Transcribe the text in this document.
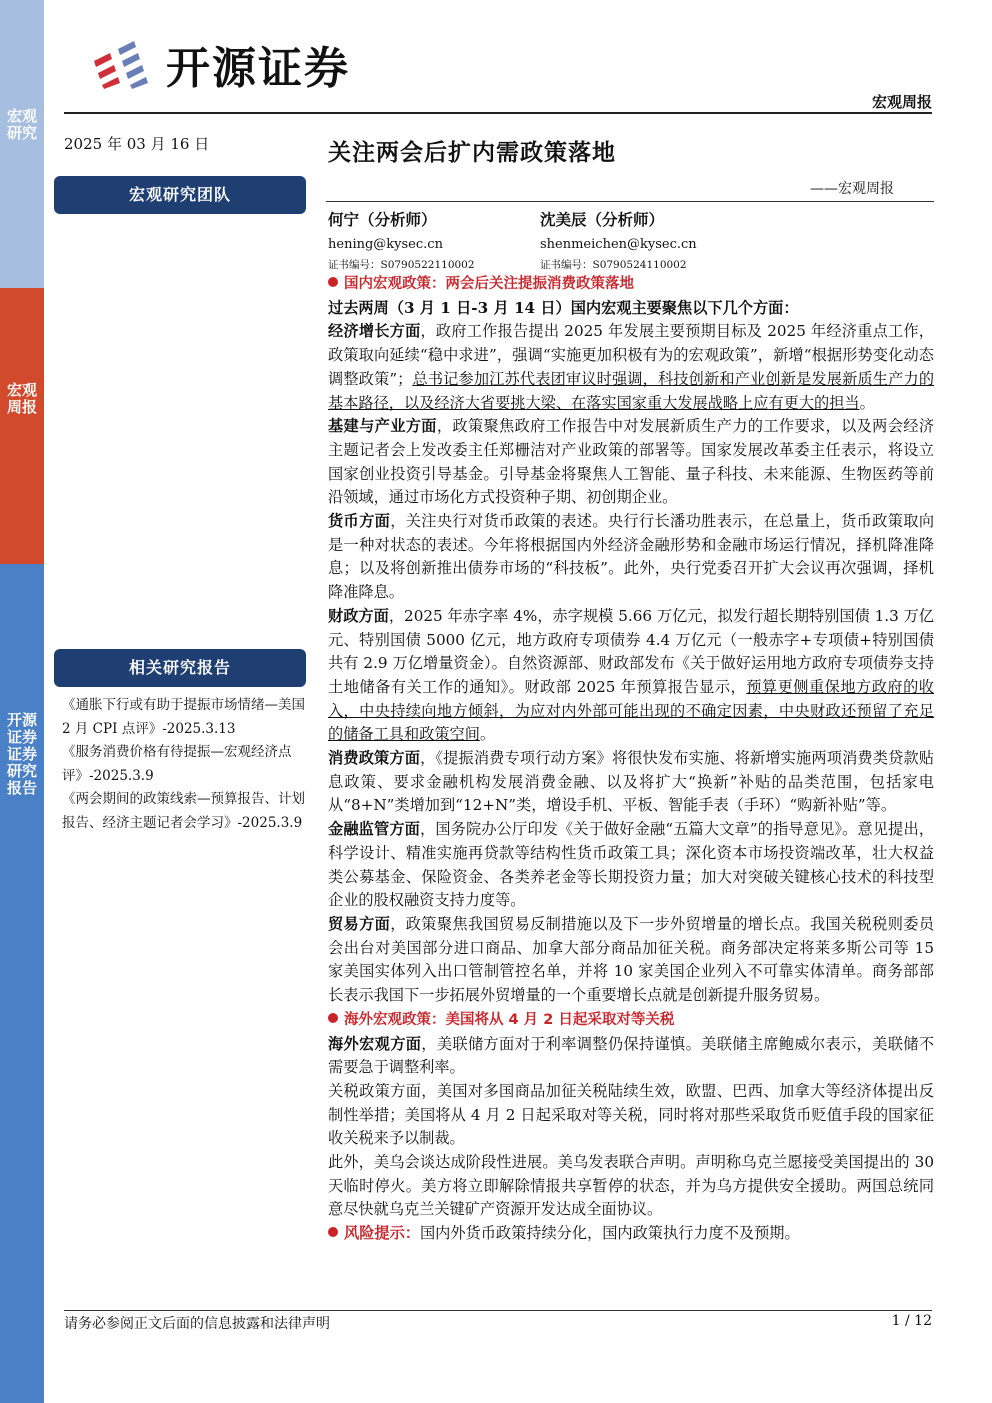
宏观研究
宏观周报
开源证券证券研究报告
开源证券
宏观周报
2025 年 03 月 16 日
宏观研究团队
相关研究报告
《通胀下行或有助于提振市场情绪—美国 2 月 CPI 点评》-2025.3.13
《服务消费价格有待提振—宏观经济点评》-2025.3.9
《两会期间的政策线索—预算报告、计划报告、经济主题记者会学习》-2025.3.9
关注两会后扩内需政策落地
——宏观周报
何宁（分析师）
hening@kysec.cn
证书编号：S0790522110002
沈美辰（分析师）
shenmeichen@kysec.cn
证书编号：S0790524110002

国内宏观政策：两会后关注提振消费政策落地

过去两周（3 月 1 日-3 月 14 日）国内宏观主要聚焦以下几个方面：

经济增长方面，政府工作报告提出 2025 年发展主要预期目标及 2025 年经济重点工作，政策取向延续“稳中求进”，强调“实施更加积极有为的宏观政策”，新增“根据形势变化动态调整政策”；总书记参加江苏代表团审议时强调，科技创新和产业创新是发展新质生产力的基本路径，以及经济大省要挑大梁、在落实国家重大发展战略上应有更大的担当。

基建与产业方面，政策聚焦政府工作报告中对发展新质生产力的工作要求，以及两会经济主题记者会上发改委主任郑栅洁对产业政策的部署等。国家发展改革委主任表示，将设立国家创业投资引导基金。引导基金将聚焦人工智能、量子科技、未来能源、生物医药等前沿领域，通过市场化方式投资种子期、初创期企业。

货币方面，关注央行对货币政策的表述。央行行长潘功胜表示，在总量上，货币政策取向是一种对状态的表述。今年将根据国内外经济金融形势和金融市场运行情况，择机降准降息；以及将创新推出债券市场的“科技板”。此外，央行党委召开扩大会议再次强调，择机降准降息。

财政方面，2025 年赤字率 4%，赤字规模 5.66 万亿元，拟发行超长期特别国债 1.3 万亿元、特别国债 5000 亿元，地方政府专项债券 4.4 万亿元（一般赤字+专项债+特别国债共有 2.9 万亿增量资金）。自然资源部、财政部发布《关于做好运用地方政府专项债券支持土地储备有关工作的通知》。财政部 2025 年预算报告显示，预算更侧重保地方政府的收入，中央持续向地方倾斜，为应对内外部可能出现的不确定因素，中央财政还预留了充足的储备工具和政策空间。

消费政策方面，《提振消费专项行动方案》将很快发布实施、将新增实施两项消费类贷款贴息政策、要求金融机构发展消费金融、以及将扩大“换新”补贴的品类范围，包括家电从“8+N”类增加到“12+N”类，增设手机、平板、智能手表（手环）“购新补贴”等。

金融监管方面，国务院办公厅印发《关于做好金融“五篇大文章”的指导意见》。意见提出，科学设计、精准实施再贷款等结构性货币政策工具；深化资本市场投资端改革，壮大权益类公募基金、保险资金、各类养老金等长期投资力量；加大对突破关键核心技术的科技型企业的股权融资支持力度等。

贸易方面，政策聚焦我国贸易反制措施以及下一步外贸增量的增长点。我国关税税则委员会出台对美国部分进口商品、加拿大部分商品加征关税。商务部决定将莱多斯公司等 15 家美国实体列入出口管制管控名单，并将 10 家美国企业列入不可靠实体清单。商务部部长表示我国下一步拓展外贸增量的一个重要增长点就是创新提升服务贸易。

海外宏观政策：美国将从 4 月 2 日起采取对等关税

海外宏观方面，美联储方面对于利率调整仍保持谨慎。美联储主席鲍威尔表示，美联储不需要急于调整利率。

关税政策方面，美国对多国商品加征关税陆续生效，欧盟、巴西、加拿大等经济体提出反制性举措；美国将从 4 月 2 日起采取对等关税，同时将对那些采取货币贬值手段的国家征收关税来予以制裁。

此外，美乌会谈达成阶段性进展。美乌发表联合声明。声明称乌克兰愿接受美国提出的 30 天临时停火。美方将立即解除情报共享暂停的状态，并为乌方提供安全援助。两国总统同意尽快就乌克兰关键矿产资源开发达成全面协议。

风险提示：国内外货币政策持续分化，国内政策执行力度不及预期。

请务必参阅正文后面的信息披露和法律声明	1 / 12
